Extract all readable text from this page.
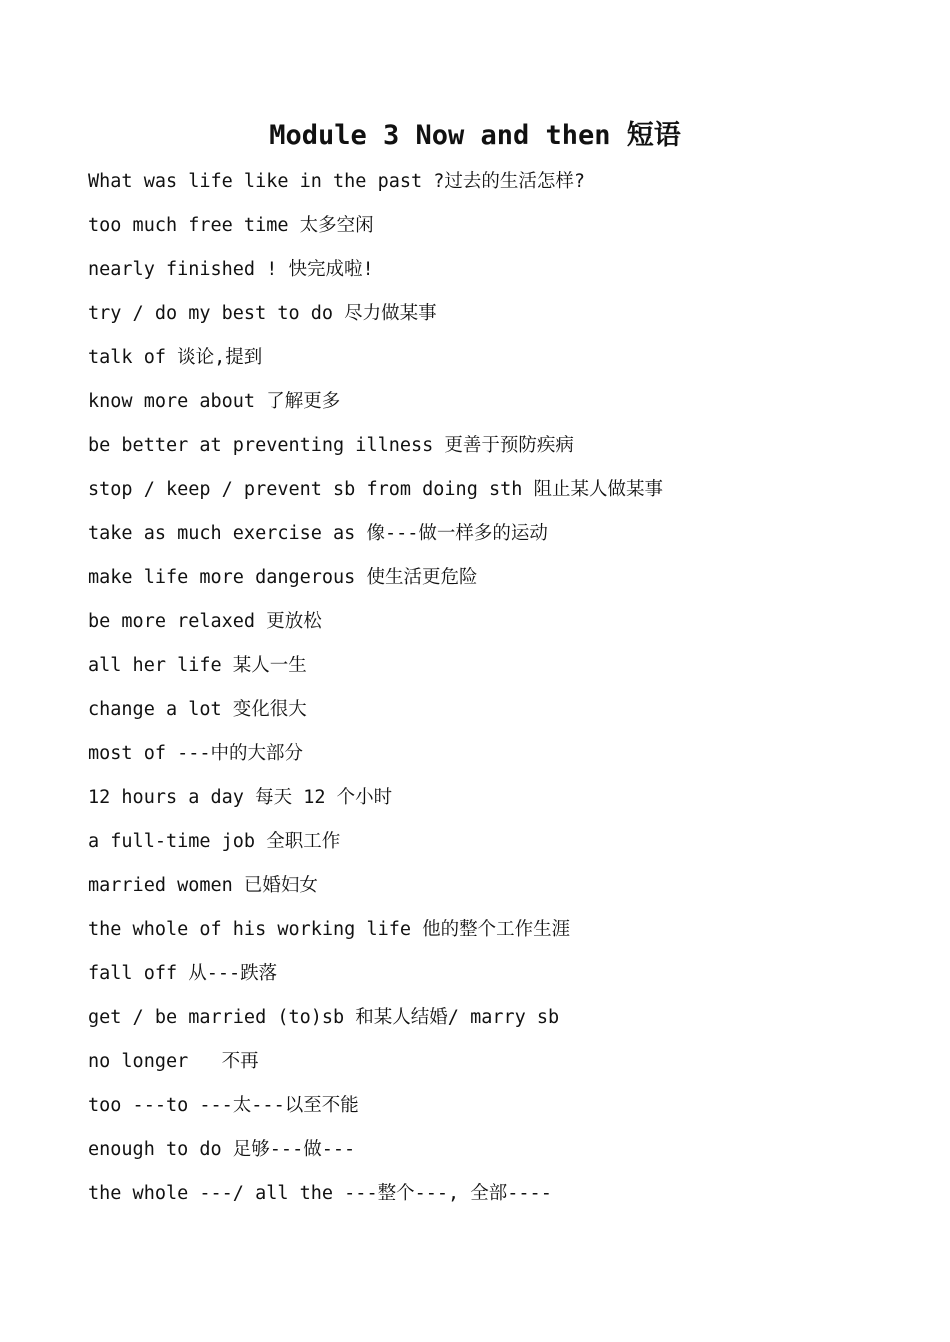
Module 3 Now and then 短语
What was life like in the past ?过去的生活怎样?
too much free time 太多空闲
nearly finished ! 快完成啦!
try / do my best to do 尽力做某事
talk of 谈论,提到
know more about 了解更多
be better at preventing illness 更善于预防疾病
stop / keep / prevent sb from doing sth 阻止某人做某事
take as much exercise as 像---做一样多的运动
make life more dangerous 使生活更危险
be more relaxed 更放松
all her life 某人一生
change a lot 变化很大
most of ---中的大部分
12 hours a day 每天 12 个小时
a full-time job 全职工作
married women 已婚妇女
the whole of his working life 他的整个工作生涯
fall off 从---跌落
get / be married (to)sb 和某人结婚/ marry sb
no longer   不再
too ---to ---太---以至不能
enough to do 足够---做---
the whole ---/ all the ---整个---, 全部----
